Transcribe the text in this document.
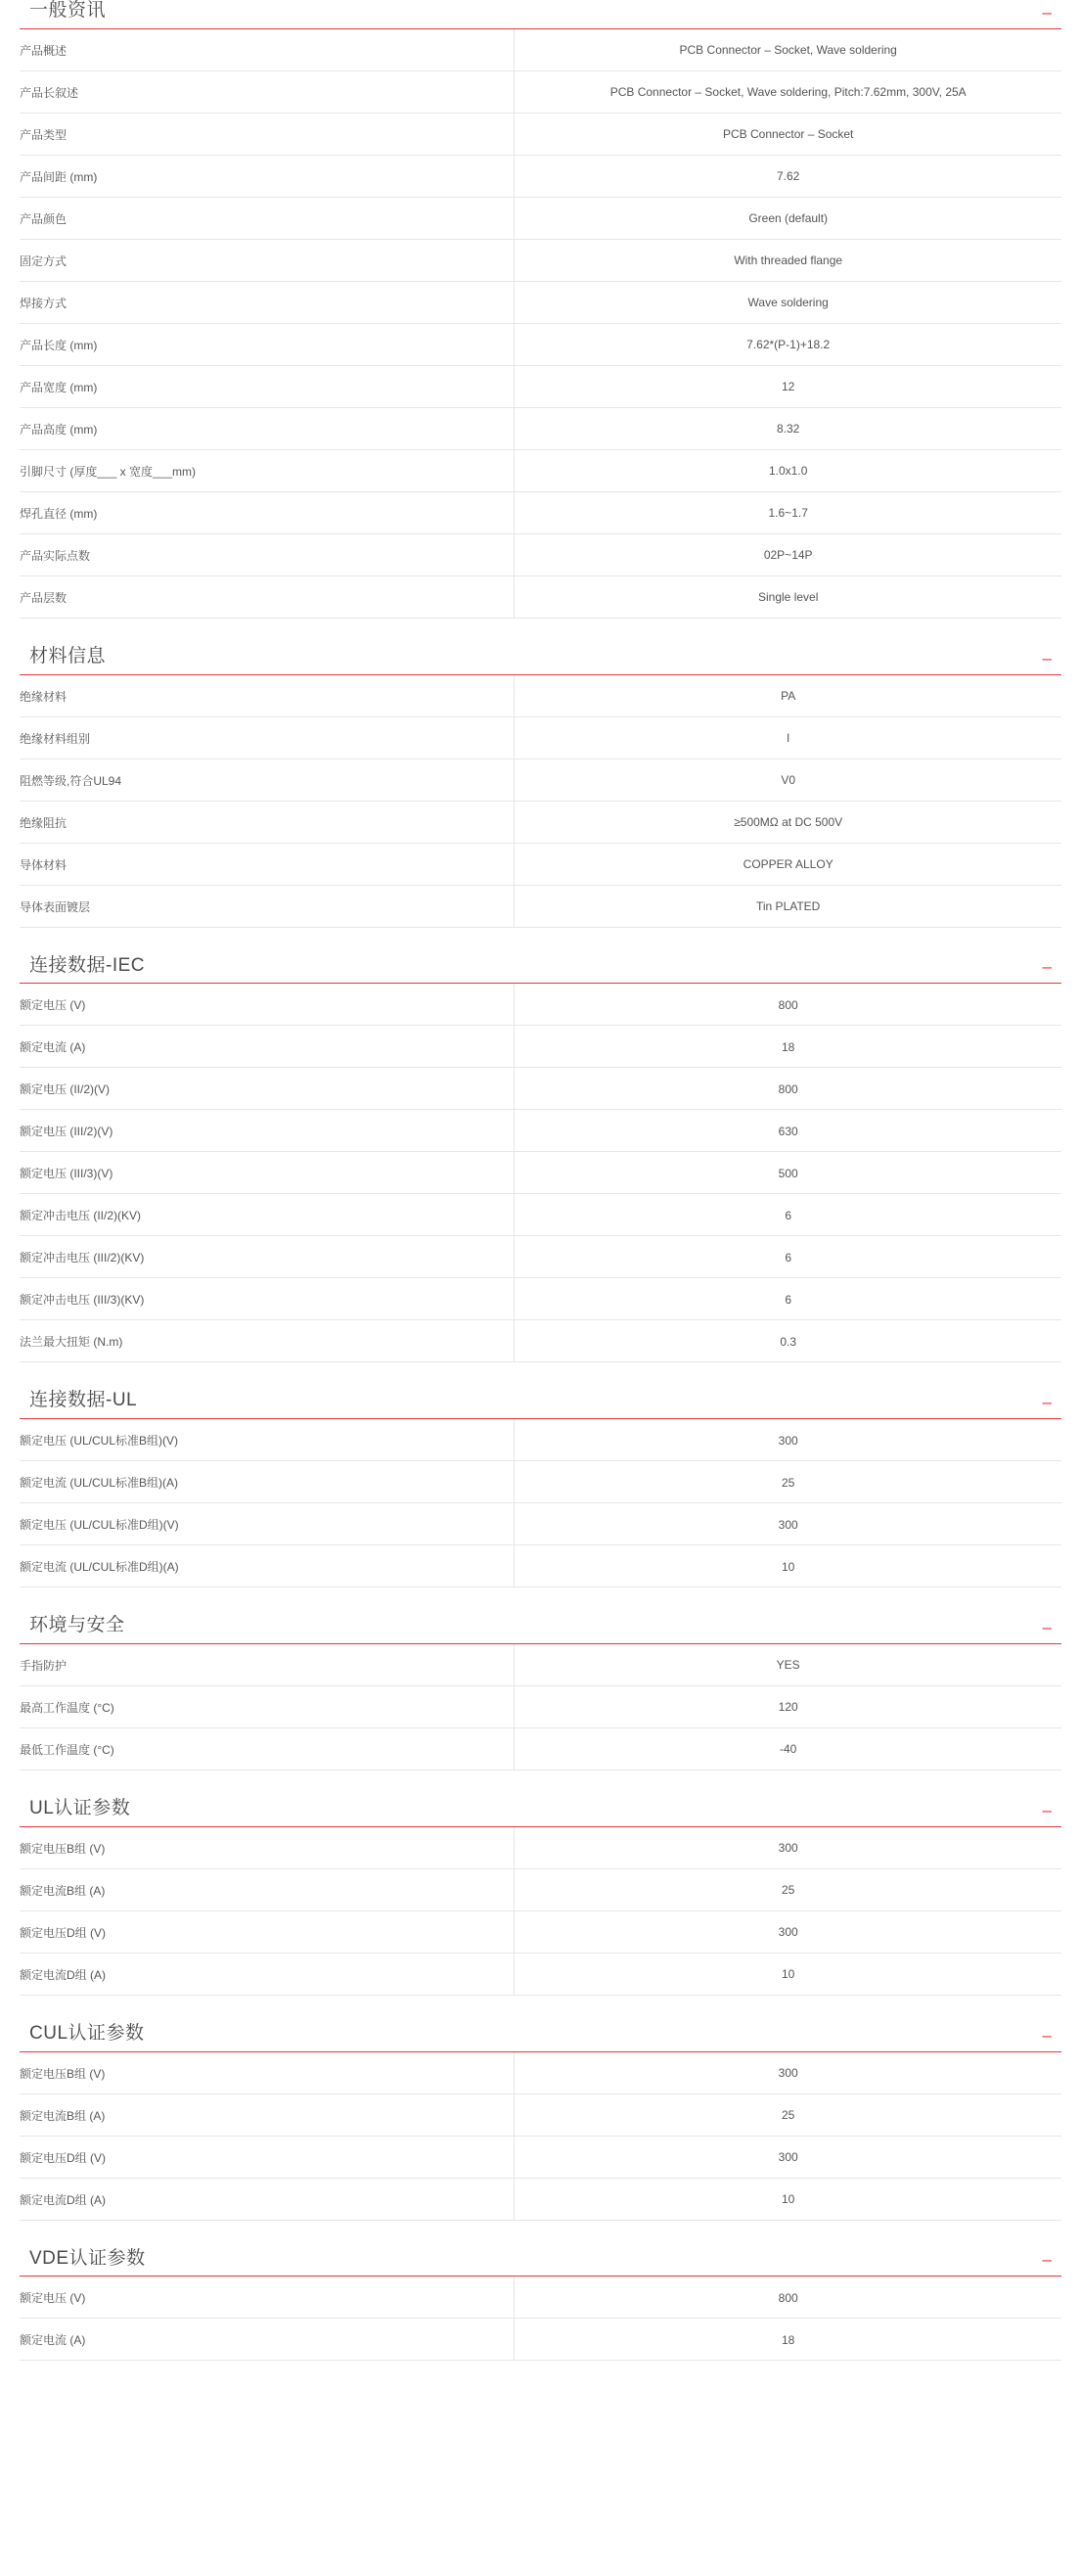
一般资讯	–
产品概述	PCB Connector – Socket, Wave soldering
产品长叙述	PCB Connector – Socket, Wave soldering, Pitch:7.62mm, 300V, 25A
产品类型	PCB Connector – Socket
产品间距 (mm)	7.62
产品颜色	Green (default)
固定方式	With threaded flange
焊接方式	Wave soldering
产品长度 (mm)	7.62*(P-1)+18.2
产品宽度 (mm)	12
产品高度 (mm)	8.32
引脚尺寸 (厚度___ x 宽度___mm)	1.0x1.0
焊孔直径 (mm)	1.6~1.7
产品实际点数	02P~14P
产品层数	Single level
材料信息	–
绝缘材料	PA
绝缘材料组别	I
阻燃等级,符合UL94	V0
绝缘阻抗	≥500MΩ at DC 500V
导体材料	COPPER ALLOY
导体表面镀层	Tin PLATED
连接数据-IEC	–
额定电压 (V)	800
额定电流 (A)	18
额定电压 (II/2)(V)	800
额定电压 (III/2)(V)	630
额定电压 (III/3)(V)	500
额定冲击电压 (II/2)(KV)	6
额定冲击电压 (III/2)(KV)	6
额定冲击电压 (III/3)(KV)	6
法兰最大扭矩 (N.m)	0.3
连接数据-UL	–
额定电压 (UL/CUL标准B组)(V)	300
额定电流 (UL/CUL标准B组)(A)	25
额定电压 (UL/CUL标准D组)(V)	300
额定电流 (UL/CUL标准D组)(A)	10
环境与安全	–
手指防护	YES
最高工作温度 (°C)	120
最低工作温度 (°C)	-40
UL认证参数	–
额定电压B组 (V)	300
额定电流B组 (A)	25
额定电压D组 (V)	300
额定电流D组 (A)	10
CUL认证参数	–
额定电压B组 (V)	300
额定电流B组 (A)	25
额定电压D组 (V)	300
额定电流D组 (A)	10
VDE认证参数	–
额定电压 (V)	800
额定电流 (A)	18
